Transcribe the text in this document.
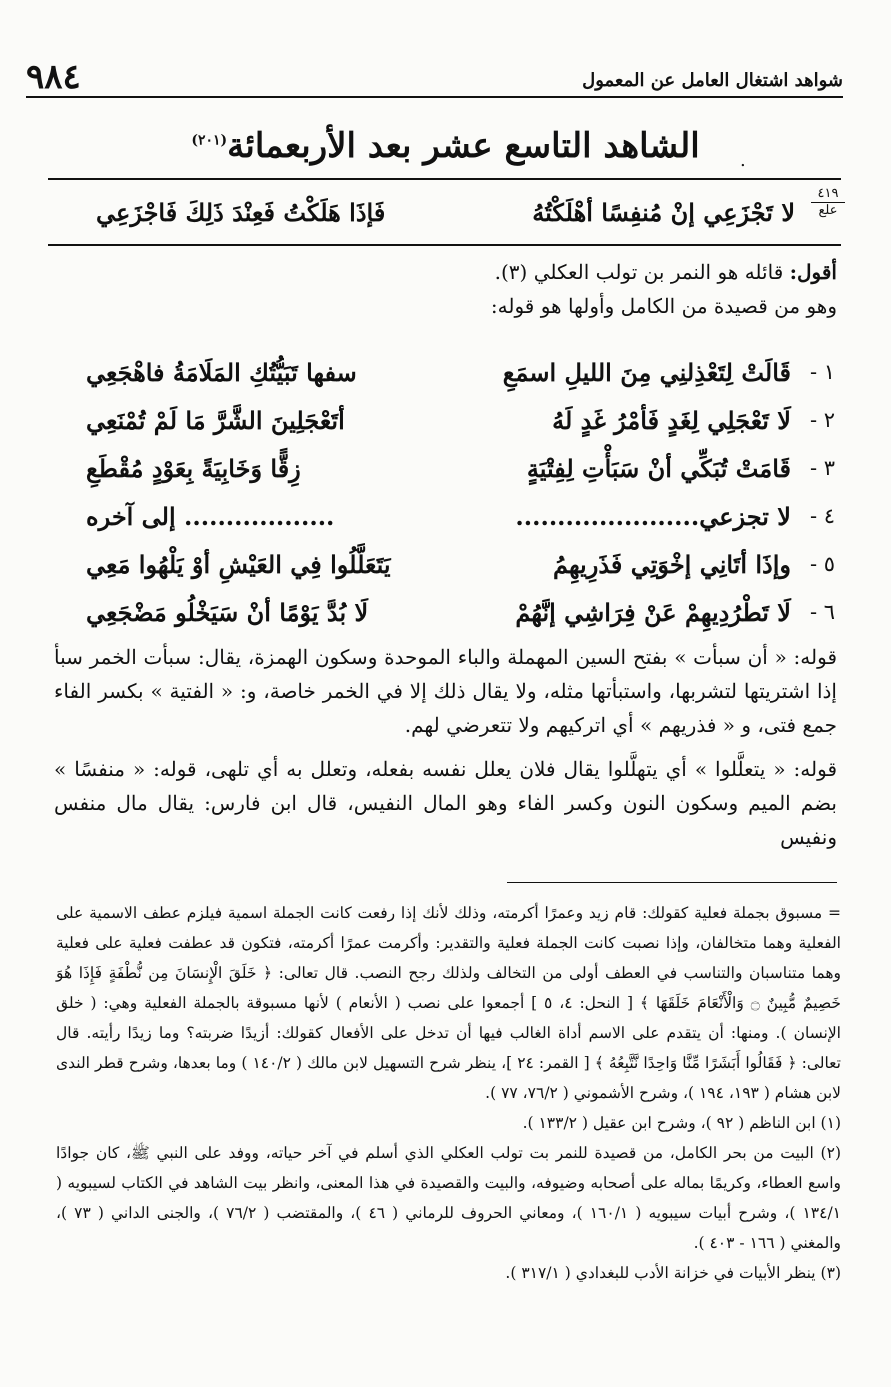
شواهد اشتغال العامل عن المعمول
٩٨٤
الشاهد التاسع عشر بعد الأربعمائة$^{(٢٠١)}$
.
٤١٩
علع
لا تَجْزَعِي إنْ مُنفِسًا أهْلَكْتُهُ
فَإذَا هَلَكْتُ فَعِنْدَ ذَلِكَ فَاجْزَعِي

أقول: قائله هو النمر بن تولب العكلي (٣).

وهو من قصيدة من الكامل وأولها هو قوله:

١ -
قَالَتْ لِتَعْذِلنِي مِنَ الليلِ اسمَعِ
سفها تَبَيُّتُكِ المَلَامَةُ فاهْجَعِي
٢ -
لَا تَعْجَلِي لِغَدٍ فَأمْرُ غَدٍ لَهُ
أتَعْجَلِينَ الشَّرَّ مَا لَمْ تُمْنَعِي
٣ -
قَامَتْ تُبَكِّي أنْ سَبَأْتِ لِفِتْيَةٍ
زِقًّا وَخَابِيَةً بِعَوْدٍ مُقْطَعِ
٤ -
لا تجزعي......................
.................. إلى آخره
٥ -
وإذَا أتَانِي إخْوَتِي فَذَرِيهِمُ
يَتَعَلَّلُوا فِي العَيْشِ أوْ يَلْهُوا مَعِي
٦ -
لَا تَطْرُدِيهِمْ عَنْ فِرَاشِي إنَّهُمْ
لَا بُدَّ يَوْمًا أنْ سَيَخْلُو مَضْجَعِي

قوله: « أن سبأت » بفتح السين المهملة والباء الموحدة وسكون الهمزة، يقال: سبأت الخمر سبأ إذا اشتريتها لتشربها، واستبأتها مثله، ولا يقال ذلك إلا في الخمر خاصة، و: « الفتية » بكسر الفاء جمع فتى، و « فذريهم » أي اتركيهم ولا تتعرضي لهم.

قوله: « يتعلَّلوا » أي يتهلَّلوا يقال فلان يعلل نفسه بفعله، وتعلل به أي تلهى، قوله: « منفسًا » بضم الميم وسكون النون وكسر الفاء وهو المال النفيس، قال ابن فارس: يقال مال منفس ونفيس

= مسبوق بجملة فعلية كقولك: قام زيد وعمرًا أكرمته، وذلك لأنك إذا رفعت كانت الجملة اسمية فيلزم عطف الاسمية على الفعلية وهما متخالفان، وإذا نصبت كانت الجملة فعلية والتقدير: وأكرمت عمرًا أكرمته، فتكون قد عطفت فعلية على فعلية وهما متناسبان والتناسب في العطف أولى من التخالف ولذلك رجح النصب. قال تعالى: ﴿ خَلَقَ الْإِنسَانَ مِن نُّطْفَةٍ فَإِذَا هُوَ خَصِيمٌ مُّبِينٌ ۝ وَالْأَنْعَامَ خَلَقَهَا ﴾ [ النحل: ٤، ٥ ] أجمعوا على نصب ( الأنعام ) لأنها مسبوقة بالجملة الفعلية وهي: ( خلق الإنسان ). ومنها: أن يتقدم على الاسم أداة الغالب فيها أن تدخل على الأفعال كقولك: أزيدًا ضربته؟ وما زيدًا رأيته. قال تعالى: ﴿ فَقَالُوا أَبَشَرًا مِّنَّا وَاحِدًا نَّتَّبِعُهُ ﴾ [ القمر: ٢٤ ]، ينظر شرح التسهيل لابن مالك ( ١٤٠/٢ ) وما بعدها، وشرح قطر الندى لابن هشام ( ١٩٣، ١٩٤ )، وشرح الأشموني ( ٧٦/٢، ٧٧ ).

(١) ابن الناظم ( ٩٢ )، وشرح ابن عقيل ( ١٣٣/٢ ).

(٢) البيت من بحر الكامل، من قصيدة للنمر بت تولب العكلي الذي أسلم في آخر حياته، ووفد على النبي ﷺ، كان جوادًا واسع العطاء، وكريمًا بماله على أصحابه وضيوفه، والبيت والقصيدة في هذا المعنى، وانظر بيت الشاهد في الكتاب لسيبويه ( ١٣٤/١ )، وشرح أبيات سيبويه ( ١٦٠/١ )، ومعاني الحروف للرماني ( ٤٦ )، والمقتضب ( ٧٦/٢ )، والجنى الداني ( ٧٣ )، والمغني ( ١٦٦ - ٤٠٣ ).

(٣) ينظر الأبيات في خزانة الأدب للبغدادي ( ٣١٧/١ ).
